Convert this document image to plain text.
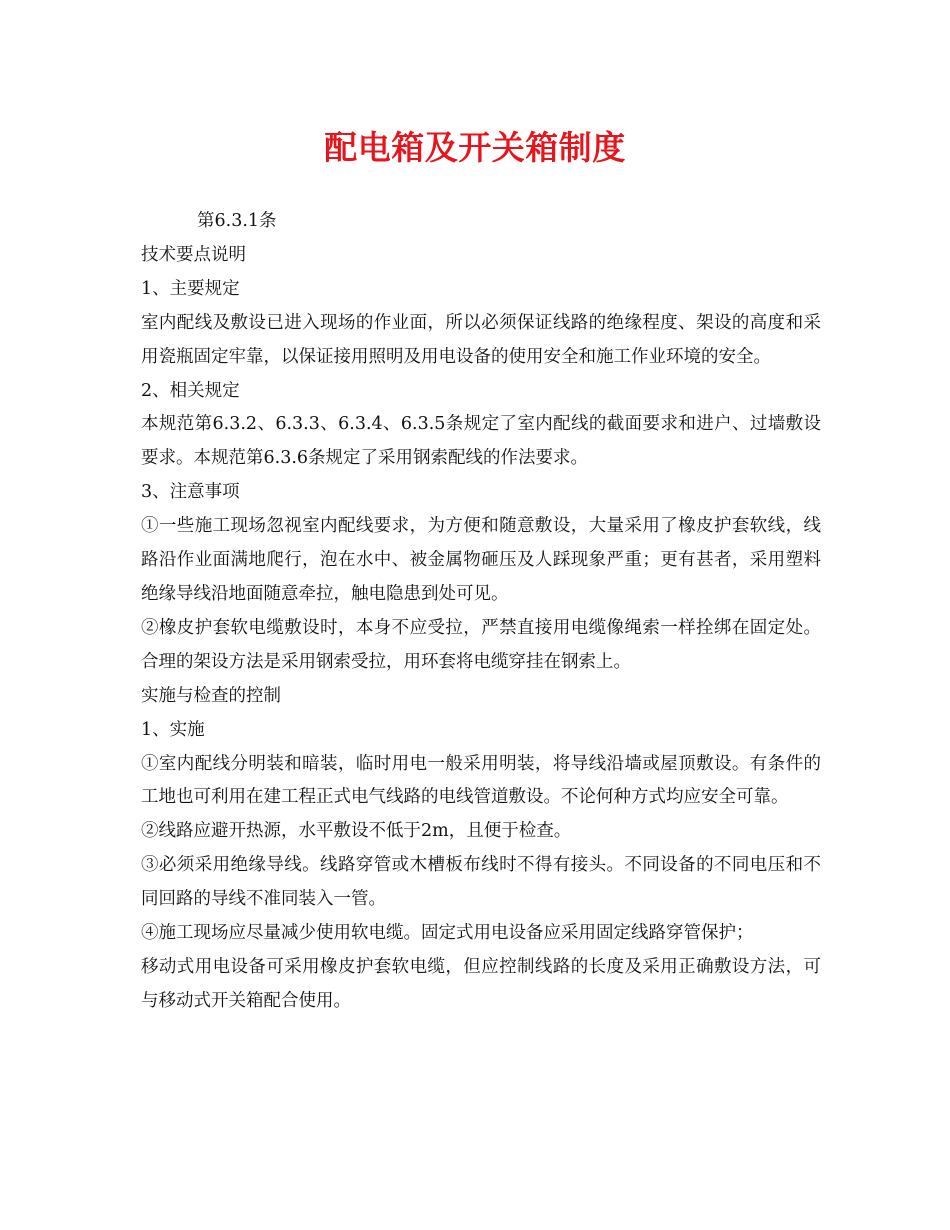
配电箱及开关箱制度

第6.3.1条

技术要点说明

1、主要规定

室内配线及敷设已进入现场的作业面，所以必须保证线路的绝缘程度、架设的高度和采用瓷瓶固定牢靠，以保证接用照明及用电设备的使用安全和施工作业环境的安全。

2、相关规定

本规范第6.3.2、6.3.3、6.3.4、6.3.5条规定了室内配线的截面要求和进户、过墙敷设要求。本规范第6.3.6条规定了采用钢索配线的作法要求。

3、注意事项

①一些施工现场忽视室内配线要求，为方便和随意敷设，大量采用了橡皮护套软线，线路沿作业面满地爬行，泡在水中、被金属物砸压及人踩现象严重；更有甚者，采用塑料绝缘导线沿地面随意牵拉，触电隐患到处可见。

②橡皮护套软电缆敷设时，本身不应受拉，严禁直接用电缆像绳索一样拴绑在固定处。合理的架设方法是采用钢索受拉，用环套将电缆穿挂在钢索上。

实施与检查的控制

1、实施

①室内配线分明装和暗装，临时用电一般采用明装，将导线沿墙或屋顶敷设。有条件的工地也可利用在建工程正式电气线路的电线管道敷设。不论何种方式均应安全可靠。

②线路应避开热源，水平敷设不低于2m，且便于检查。

③必须采用绝缘导线。线路穿管或木槽板布线时不得有接头。不同设备的不同电压和不同回路的导线不准同装入一管。

④施工现场应尽量减少使用软电缆。固定式用电设备应采用固定线路穿管保护；

移动式用电设备可采用橡皮护套软电缆，但应控制线路的长度及采用正确敷设方法，可与移动式开关箱配合使用。
